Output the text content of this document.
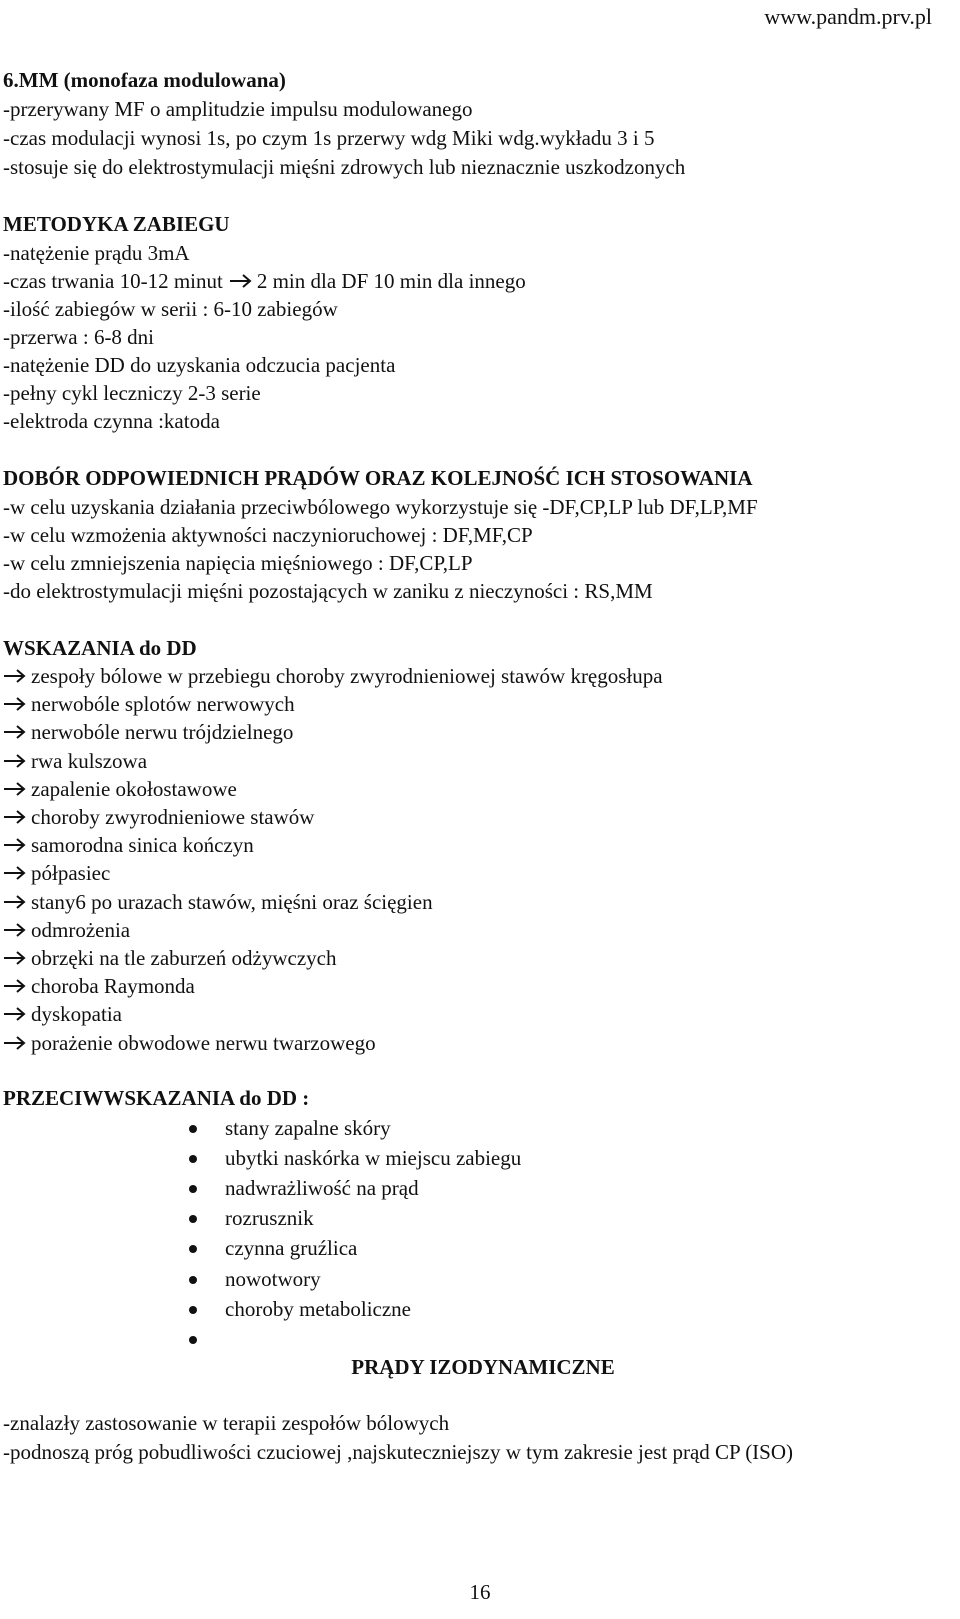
www.pandm.prv.pl
6.MM (monofaza modulowana)
-przerywany MF o amplitudzie impulsu modulowanego
-czas modulacji wynosi 1s, po czym 1s przerwy wdg Miki wdg.wykładu 3 i 5
-stosuje się do elektrostymulacji mięśni zdrowych lub nieznacznie uszkodzonych
METODYKA ZABIEGU
-natężenie prądu 3mA
-czas trwania 10-12 minut 2 min dla DF 10 min dla innego
-ilość zabiegów w serii : 6-10 zabiegów
-przerwa : 6-8 dni
-natężenie DD do uzyskania odczucia pacjenta
-pełny cykl leczniczy 2-3 serie
-elektroda czynna :katoda
DOBÓR ODPOWIEDNICH PRĄDÓW ORAZ KOLEJNOŚĆ ICH STOSOWANIA
-w celu uzyskania działania przeciwbólowego wykorzystuje się -DF,CP,LP lub DF,LP,MF
-w celu wzmożenia aktywności naczynioruchowej : DF,MF,CP
-w celu zmniejszenia napięcia mięśniowego : DF,CP,LP
-do elektrostymulacji mięśni pozostających w zaniku z nieczyności : RS,MM
WSKAZANIA do DD
zespoły bólowe w przebiegu choroby zwyrodnieniowej stawów kręgosłupa
nerwobóle splotów nerwowych
nerwobóle nerwu trójdzielnego
rwa kulszowa
zapalenie okołostawowe
choroby zwyrodnieniowe stawów
samorodna sinica kończyn
półpasiec
stany6 po urazach stawów, mięśni oraz ścięgien
odmrożenia
obrzęki na tle zaburzeń odżywczych
choroba Raymonda
dyskopatia
porażenie obwodowe nerwu twarzowego
PRZECIWWSKAZANIA do DD :
stany zapalne skóry
ubytki naskórka w miejscu zabiegu
nadwrażliwość na prąd
rozrusznik
czynna gruźlica
nowotwory
choroby metaboliczne
PRĄDY IZODYNAMICZNE
-znalazły zastosowanie w terapii zespołów bólowych
-podnoszą próg pobudliwości czuciowej ,najskuteczniejszy w tym zakresie jest prąd CP (ISO)
16
